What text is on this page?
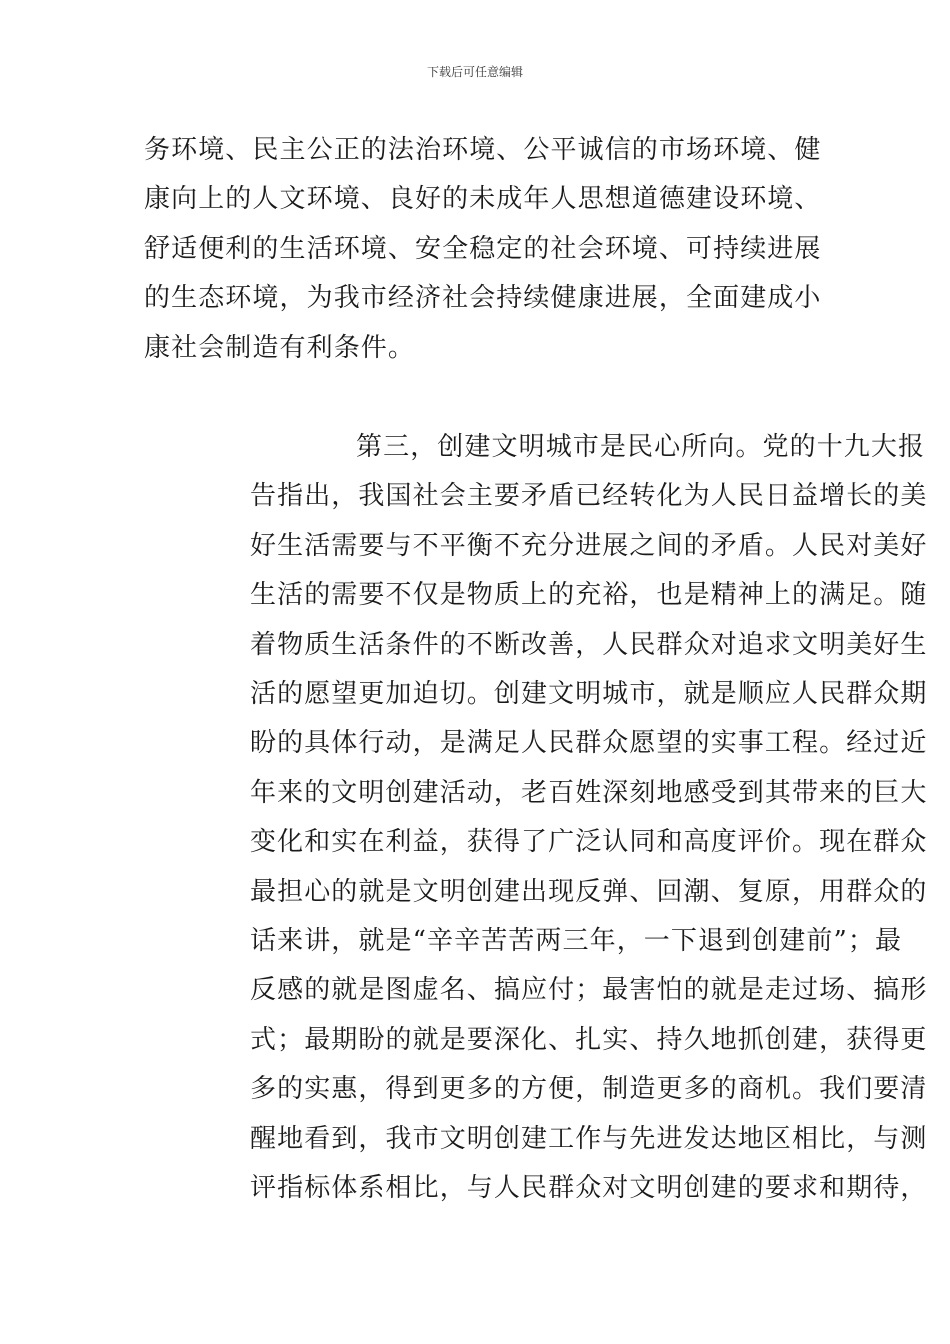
下载后可任意编辑
务环境、民主公正的法治环境、公平诚信的市场环境、健
康向上的人文环境、良好的未成年人思想道德建设环境、
舒适便利的生活环境、安全稳定的社会环境、可持续进展
的生态环境，为我市经济社会持续健康进展，全面建成小
康社会制造有利条件。
第三，创建文明城市是民心所向。党的十九大报
告指出，我国社会主要矛盾已经转化为人民日益增长的美
好生活需要与不平衡不充分进展之间的矛盾。人民对美好
生活的需要不仅是物质上的充裕，也是精神上的满足。随
着物质生活条件的不断改善，人民群众对追求文明美好生
活的愿望更加迫切。创建文明城市，就是顺应人民群众期
盼的具体行动，是满足人民群众愿望的实事工程。经过近
年来的文明创建活动，老百姓深刻地感受到其带来的巨大
变化和实在利益，获得了广泛认同和高度评价。现在群众
最担心的就是文明创建出现反弹、回潮、复原，用群众的
话来讲，就是“辛辛苦苦两三年，一下退到创建前”；最
反感的就是图虚名、搞应付；最害怕的就是走过场、搞形
式；最期盼的就是要深化、扎实、持久地抓创建，获得更
多的实惠，得到更多的方便，制造更多的商机。我们要清
醒地看到，我市文明创建工作与先进发达地区相比，与测
评指标体系相比，与人民群众对文明创建的要求和期待，
